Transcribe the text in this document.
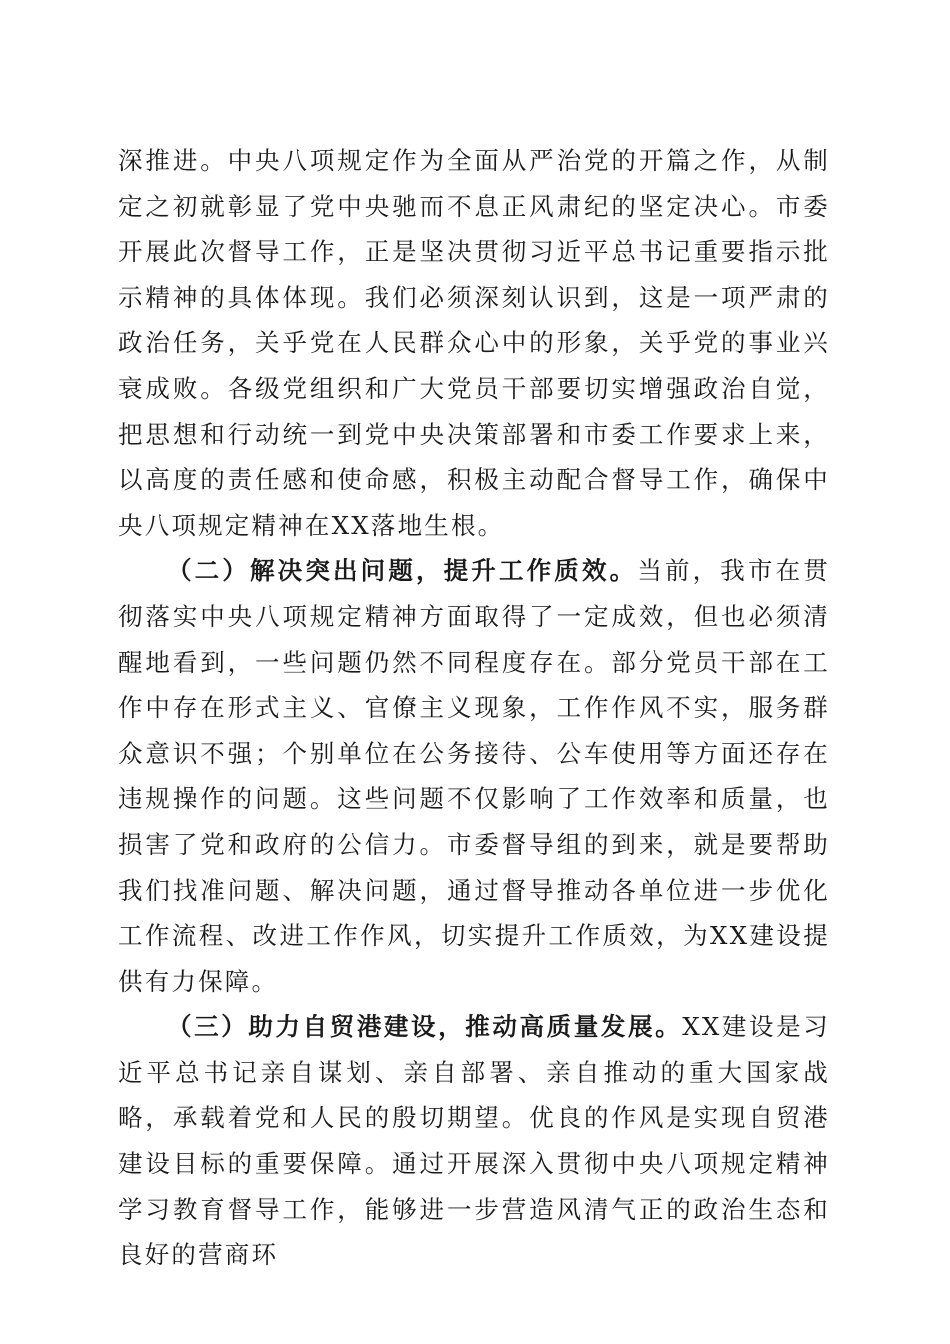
深推进。中央八项规定作为全面从严治党的开篇之作，从制定之初就彰显了党中央驰而不息正风肃纪的坚定决心。市委开展此次督导工作，正是坚决贯彻习近平总书记重要指示批示精神的具体体现。我们必须深刻认识到，这是一项严肃的政治任务，关乎党在人民群众心中的形象，关乎党的事业兴衰成败。各级党组织和广大党员干部要切实增强政治自觉，把思想和行动统一到党中央决策部署和市委工作要求上来，以高度的责任感和使命感，积极主动配合督导工作，确保中央八项规定精神在XX落地生根。

（二）解决突出问题，提升工作质效。当前，我市在贯彻落实中央八项规定精神方面取得了一定成效，但也必须清醒地看到，一些问题仍然不同程度存在。部分党员干部在工作中存在形式主义、官僚主义现象，工作作风不实，服务群众意识不强；个别单位在公务接待、公车使用等方面还存在违规操作的问题。这些问题不仅影响了工作效率和质量，也损害了党和政府的公信力。市委督导组的到来，就是要帮助我们找准问题、解决问题，通过督导推动各单位进一步优化工作流程、改进工作作风，切实提升工作质效，为XX建设提供有力保障。

（三）助力自贸港建设，推动高质量发展。XX建设是习近平总书记亲自谋划、亲自部署、亲自推动的重大国家战略，承载着党和人民的殷切期望。优良的作风是实现自贸港建设目标的重要保障。通过开展深入贯彻中央八项规定精神学习教育督导工作，能够进一步营造风清气正的政治生态和良好的营商环
